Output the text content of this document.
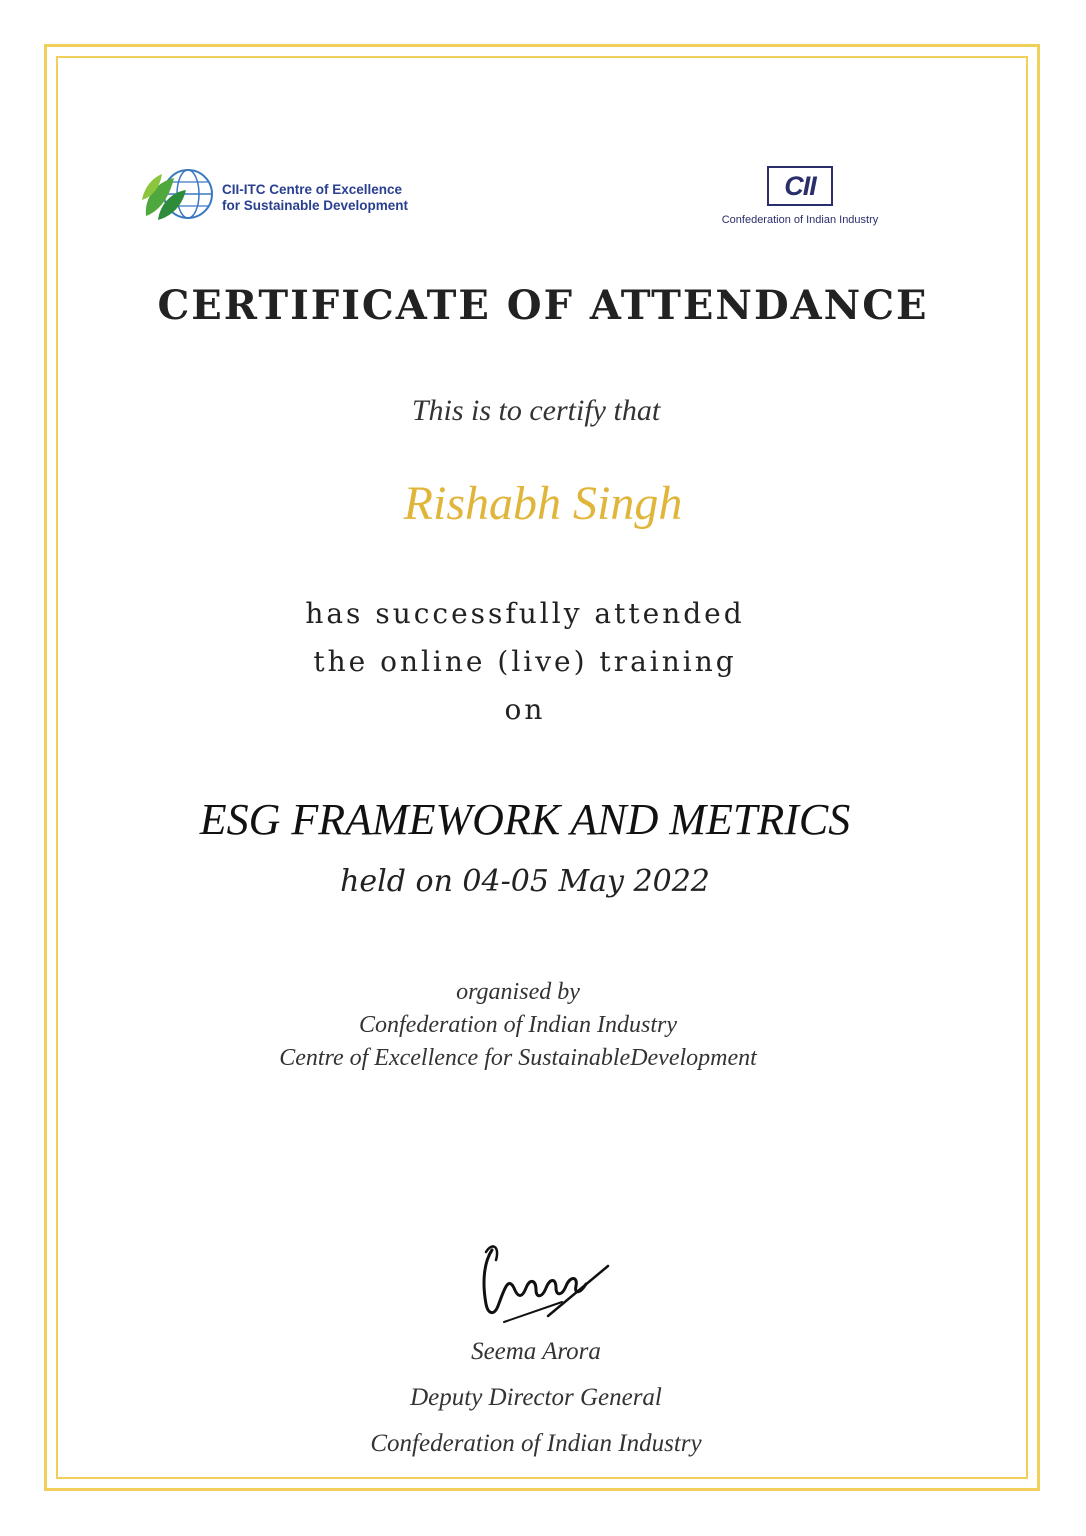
CII-ITC Centre of Excellence
for Sustainable Development
CII
Confederation of Indian Industry
CERTIFICATE OF ATTENDANCE
This is to certify that
Rishabh Singh
has successfully attended
the online (live) training
on
ESG FRAMEWORK AND METRICS
held on 04-05 May 2022
organised by
Confederation of Indian Industry
Centre of Excellence for SustainableDevelopment
Seema Arora
Deputy Director General
Confederation of Indian Industry
